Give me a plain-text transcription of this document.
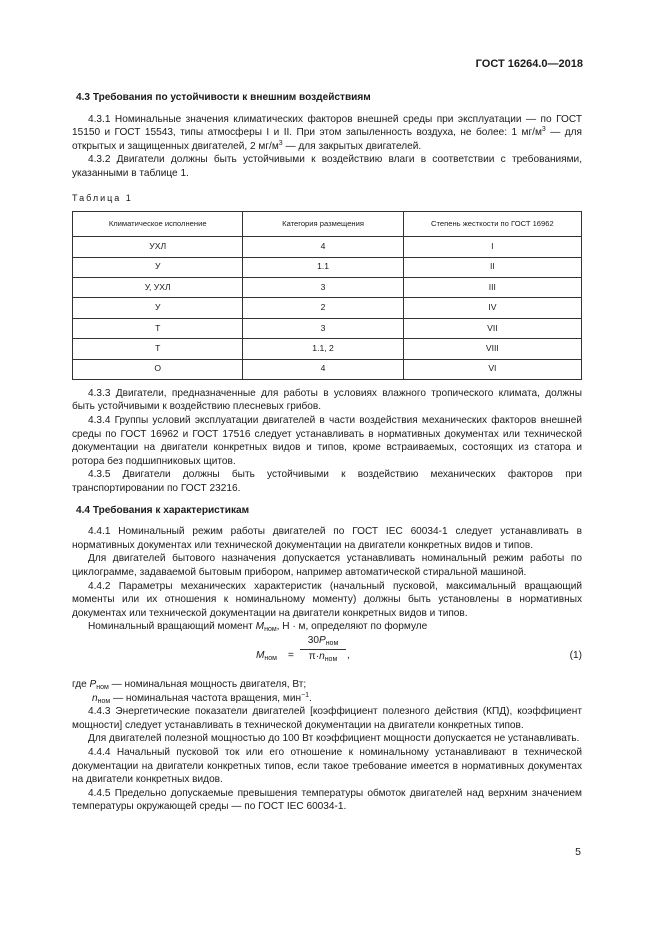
ГОСТ 16264.0—2018
4.3 Требования по устойчивости к внешним воздействиям

4.3.1 Номинальные значения климатических факторов внешней среды при эксплуатации — по ГОСТ 15150 и ГОСТ 15543, типы атмосферы I и II. При этом запыленность воздуха, не более: 1 $мг/м^3$ — для открытых и защищенных двигателей, 2 $мг/м^3$ — для закрытых двигателей.

4.3.2 Двигатели должны быть устойчивыми к воздействию влаги в соответствии с требованиями, указанными в таблице 1.

Таблица 1
Климатическое исполнение	Категория размещения	Степень жесткости по ГОСТ 16962
УХЛ	4	I
У	1.1	II
У, УХЛ	3	III
У	2	IV
Т	3	VII
Т	1.1, 2	VIII
О	4	VI

4.3.3 Двигатели, предназначенные для работы в условиях влажного тропического климата, должны быть устойчивыми к воздействию плесневых грибов.

4.3.4 Группы условий эксплуатации двигателей в части воздействия механических факторов внешней среды по ГОСТ 16962 и ГОСТ 17516 следует устанавливать в нормативных документах или технической документации на двигатели конкретных видов и типов, кроме встраиваемых, состоящих из статора и ротора без подшипниковых щитов.

4.3.5 Двигатели должны быть устойчивыми к воздействию механических факторов при транспортировании по ГОСТ 23216.

4.4 Требования к характеристикам

4.4.1 Номинальный режим работы двигателей по ГОСТ IEC 60034-1 следует устанавливать в нормативных документах или технической документации на двигатели конкретных видов и типов.

Для двигателей бытового назначения допускается устанавливать номинальный режим работы по циклограмме, задаваемой бытовым прибором, например автоматической стиральной машиной.

4.4.2 Параметры механических характеристик (начальный пусковой, максимальный вращающий моменты или их отношения к номинальному моменту) должны быть установлены в нормативных документах или технической документации на двигатели конкретных видов и типов.

Номинальный вращающий момент $M_{ном}$, Н · м, определяют по формуле

$M_{ном}$ =
$30P_{ном}$
$\pi\cdot n_{ном}$ ,	(1)

где $P_{ном}$ — номинальная мощность двигателя, Вт;

$n_{ном}$ — номинальная частота вращения, мин$^{-1}$.

4.4.3 Энергетические показатели двигателей [коэффициент полезного действия (КПД), коэффициент мощности] следует устанавливать в технической документации на двигатели конкретных типов.

Для двигателей полезной мощностью до 100 Вт коэффициент мощности допускается не устанавливать.

4.4.4 Начальный пусковой ток или его отношение к номинальному устанавливают в технической документации на двигатели конкретных типов, если такое требование имеется в нормативных документах на двигатели конкретных видов.

4.4.5 Предельно допускаемые превышения температуры обмоток двигателей над верхним значением температуры окружающей среды — по ГОСТ IEC 60034-1.

5
